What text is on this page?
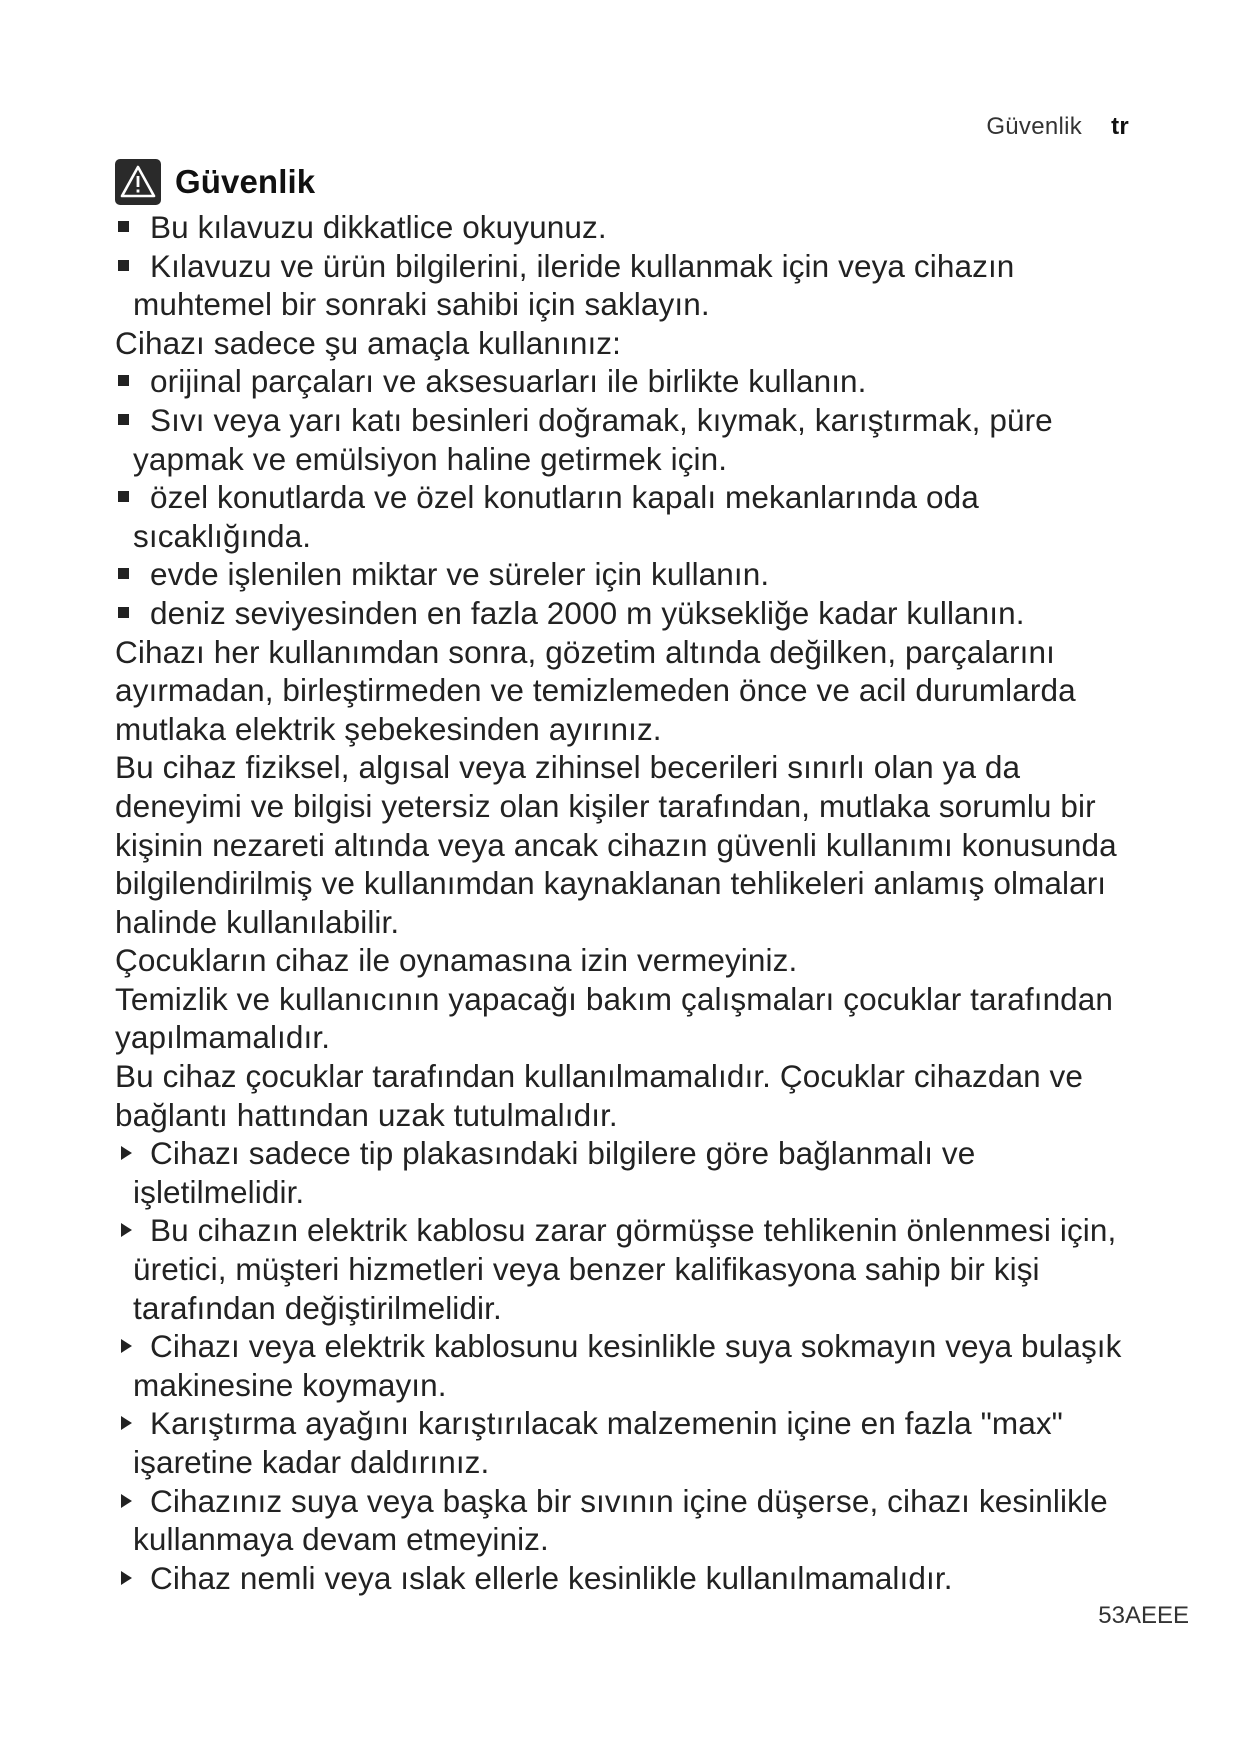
Güvenlik tr
Güvenlik
Bu kılavuzu dikkatlice okuyunuz.
Kılavuzu ve ürün bilgilerini, ileride kullanmak için veya cihazın muhtemel bir sonraki sahibi için saklayın.
Cihazı sadece şu amaçla kullanınız:
orijinal parçaları ve aksesuarları ile birlikte kullanın.
Sıvı veya yarı katı besinleri doğramak, kıymak, karıştırmak, püre yapmak ve emülsiyon haline getirmek için.
özel konutlarda ve özel konutların kapalı mekanlarında oda sıcaklığında.
evde işlenilen miktar ve süreler için kullanın.
deniz seviyesinden en fazla 2000 m yüksekliğe kadar kullanın.
Cihazı her kullanımdan sonra, gözetim altında değilken, parçalarını ayırmadan, birleştirmeden ve temizlemeden önce ve acil durumlarda mutlaka elektrik şebekesinden ayırınız.
Bu cihaz fiziksel, algısal veya zihinsel becerileri sınırlı olan ya da deneyimi ve bilgisi yetersiz olan kişiler tarafından, mutlaka sorumlu bir kişinin nezareti altında veya ancak cihazın güvenli kullanımı konusunda bilgilendirilmiş ve kullanımdan kaynaklanan tehlikeleri anlamış olmaları halinde kullanılabilir.
Çocukların cihaz ile oynamasına izin vermeyiniz.
Temizlik ve kullanıcının yapacağı bakım çalışmaları çocuklar tarafından yapılmamalıdır.
Bu cihaz çocuklar tarafından kullanılmamalıdır. Çocuklar cihazdan ve bağlantı hattından uzak tutulmalıdır.
Cihazı sadece tip plakasındaki bilgilere göre bağlanmalı ve işletilmelidir.
Bu cihazın elektrik kablosu zarar görmüşse tehlikenin önlenmesi için, üretici, müşteri hizmetleri veya benzer kalifikasyona sahip bir kişi tarafından değiştirilmelidir.
Cihazı veya elektrik kablosunu kesinlikle suya sokmayın veya bulaşık makinesine koymayın.
Karıştırma ayağını karıştırılacak malzemenin içine en fazla "max" işaretine kadar daldırınız.
Cihazınız suya veya başka bir sıvının içine düşerse, cihazı kesinlikle kullanmaya devam etmeyiniz.
Cihaz nemli veya ıslak ellerle kesinlikle kullanılmamalıdır.
53AEEE
